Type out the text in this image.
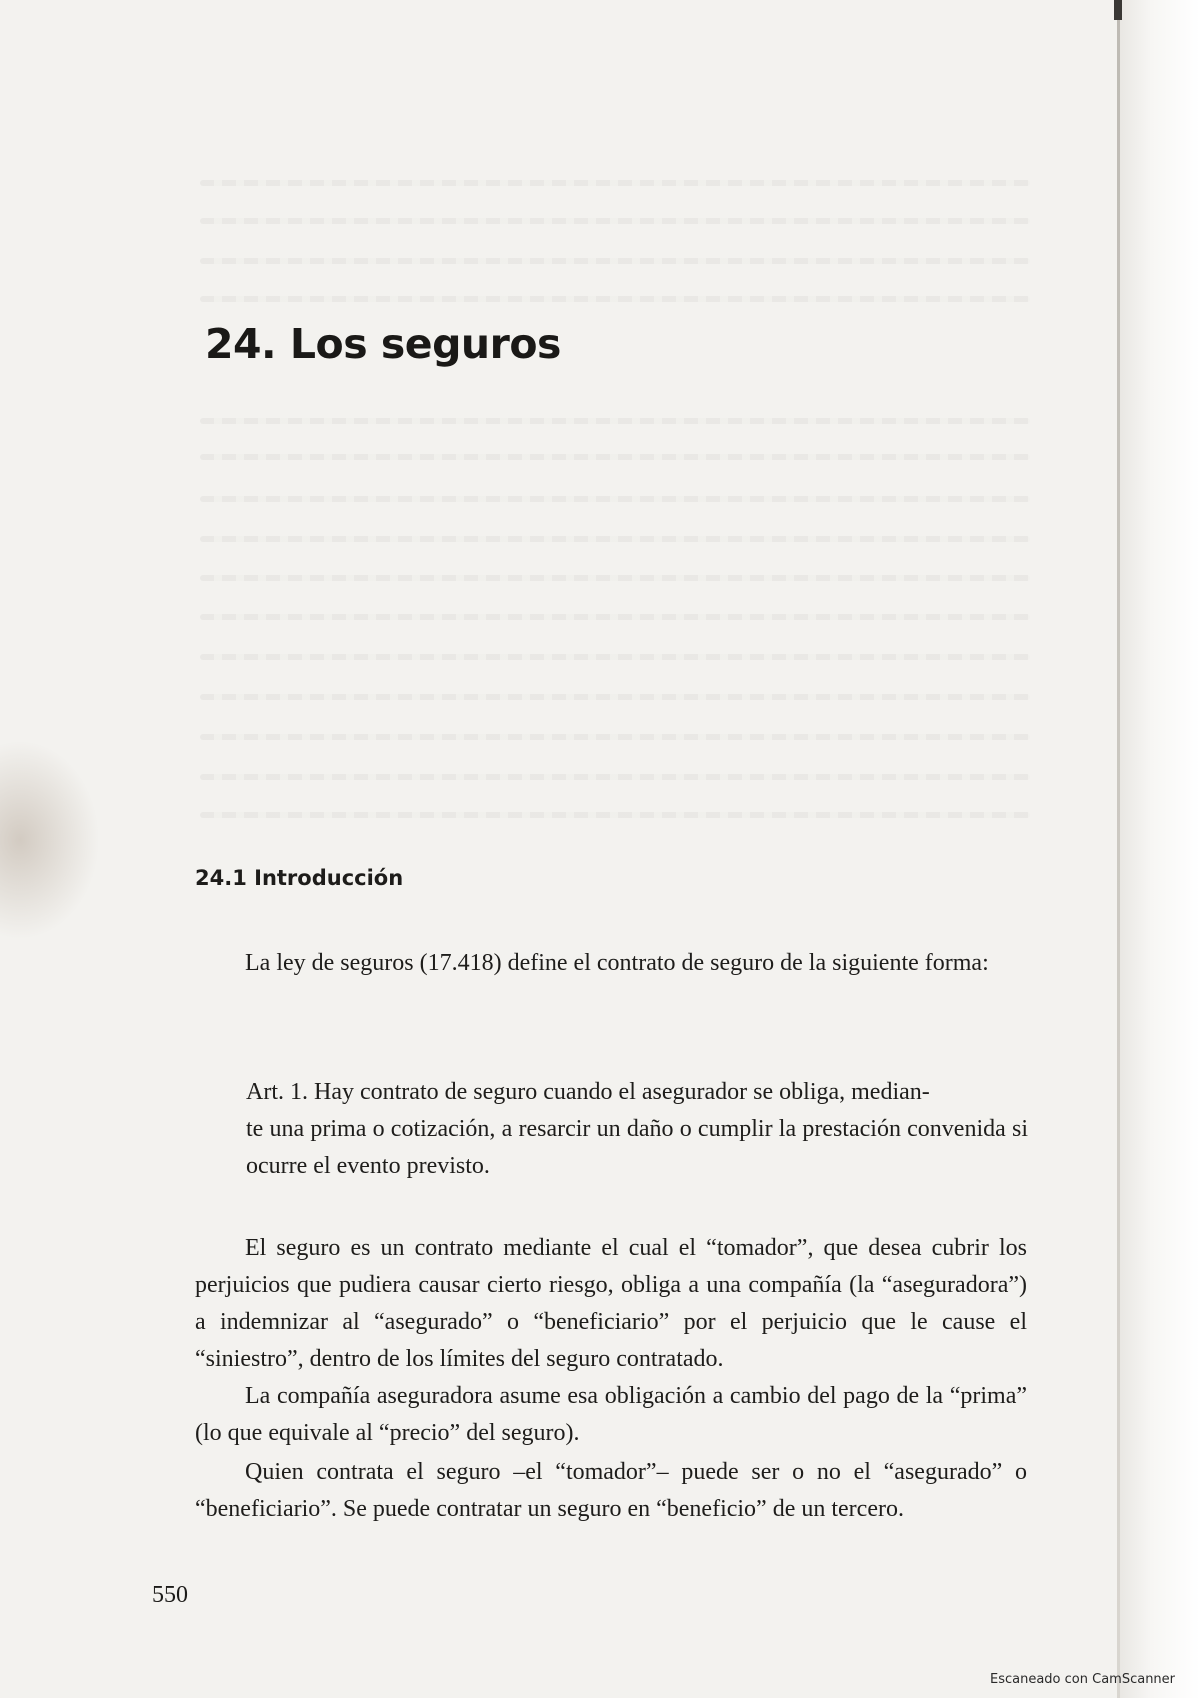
24. Los seguros
24.1 Introducción

La ley de seguros (17.418) define el contrato de seguro de la siguiente forma:

Art. 1. Hay contrato de seguro cuando el asegurador se obliga, median-
te una prima o cotización, a resarcir un daño o cumplir la prestación convenida si ocurre el evento previsto.

El seguro es un contrato mediante el cual el “tomador”, que desea cubrir los perjuicios que pudiera causar cierto riesgo, obliga a una compañía (la “aseguradora”) a indemnizar al “asegurado” o “beneficiario” por el perjuicio que le cause el “siniestro”, dentro de los límites del seguro contratado.

La compañía aseguradora asume esa obligación a cambio del pago de la “prima” (lo que equivale al “precio” del seguro).

Quien contrata el seguro –el “tomador”– puede ser o no el “asegurado” o “beneficiario”. Se puede contratar un seguro en “beneficio” de un tercero.

550

Escaneado con CamScanner
